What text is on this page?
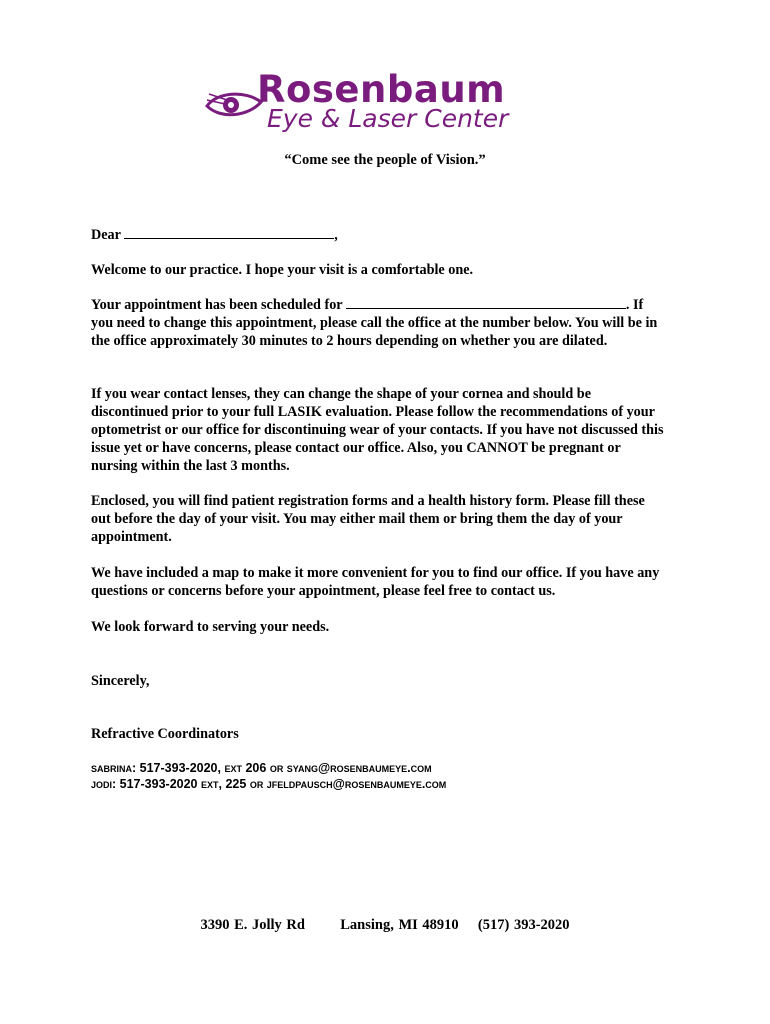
Rosenbaum
Eye & Laser Center
“Come see the people of Vision.”
Dear	,
Welcome to our practice. I hope your visit is a comfortable one.

Your appointment has been scheduled for	. If you need to change this appointment, please call the office at the number below. You will be in the office approximately 30 minutes to 2 hours depending on whether you are dilated.

If you wear contact lenses, they can change the shape of your cornea and should be discontinued prior to your full LASIK evaluation. Please follow the recommendations of your optometrist or our office for discontinuing wear of your contacts. If you have not discussed this issue yet or have concerns, please contact our office. Also, you CANNOT be pregnant or nursing within the last 3 months.
Enclosed, you will find patient registration forms and a health history form. Please fill these out before the day of your visit. You may either mail them or bring them the day of your appointment.
We have included a map to make it more convenient for you to find our office. If you have any questions or concerns before your appointment, please feel free to contact us.
We look forward to serving your needs.
Sincerely,
Refractive Coordinators
sabrina: 517-393-2020, ext 206 or syang@rosenbaumeye.com
jodi: 517-393-2020 ext, 225 or jfeldpausch@rosenbaumeye.com
3390 E. Jolly Rd Lansing, MI 48910 (517) 393-2020
